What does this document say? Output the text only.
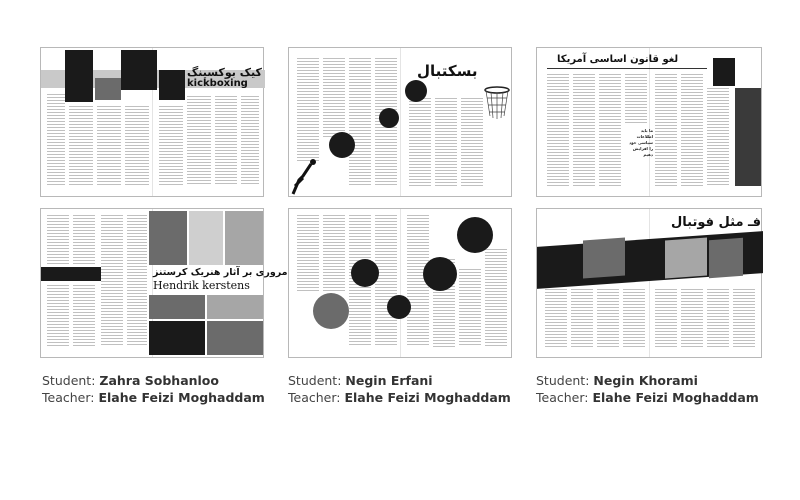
کیک بوکسینگ
kickboxing
بسکتبال
لغو قانون اساسی آمریکا
ما باید اطلاعات سیاسی خود را افزایش دهیم
مروری بر آثار هنریک کرستنز
Hendrik kerstens
فـ مثل فوتبال
Student: Zahra Sobhanloo
Teacher: Elahe Feizi Moghaddam
Student: Negin Erfani
Teacher: Elahe Feizi Moghaddam
Student: Negin Khorami
Teacher: Elahe Feizi Moghaddam
